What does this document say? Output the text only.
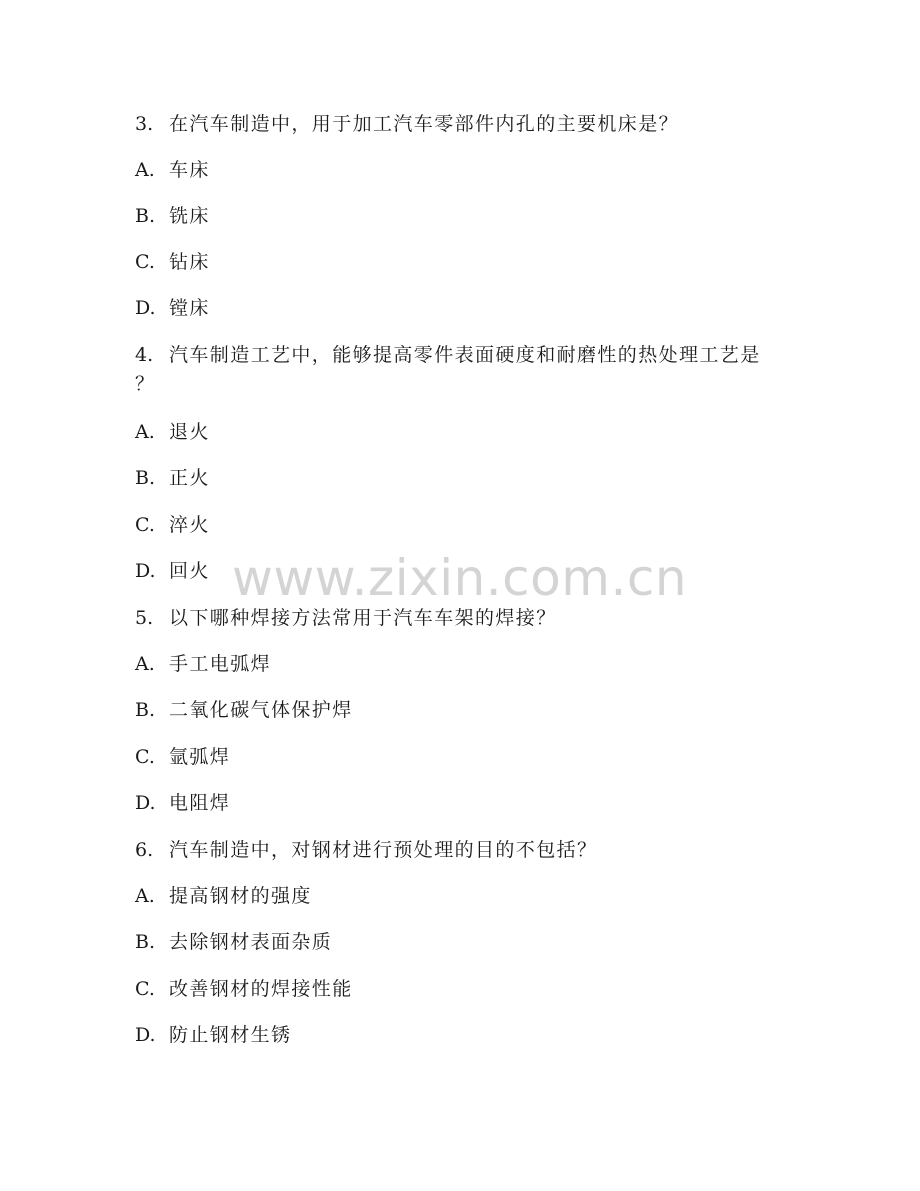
3. 在汽车制造中，用于加工汽车零部件内孔的主要机床是？
A. 车床
B. 铣床
C. 钻床
D. 镗床
4. 汽车制造工艺中，能够提高零件表面硬度和耐磨性的热处理工艺是
？
A. 退火
B. 正火
C. 淬火
D. 回火
5. 以下哪种焊接方法常用于汽车车架的焊接？
A. 手工电弧焊
B. 二氧化碳气体保护焊
C. 氩弧焊
D. 电阻焊
6. 汽车制造中，对钢材进行预处理的目的不包括？
A. 提高钢材的强度
B. 去除钢材表面杂质
C. 改善钢材的焊接性能
D. 防止钢材生锈
www.zixin.com.cn
